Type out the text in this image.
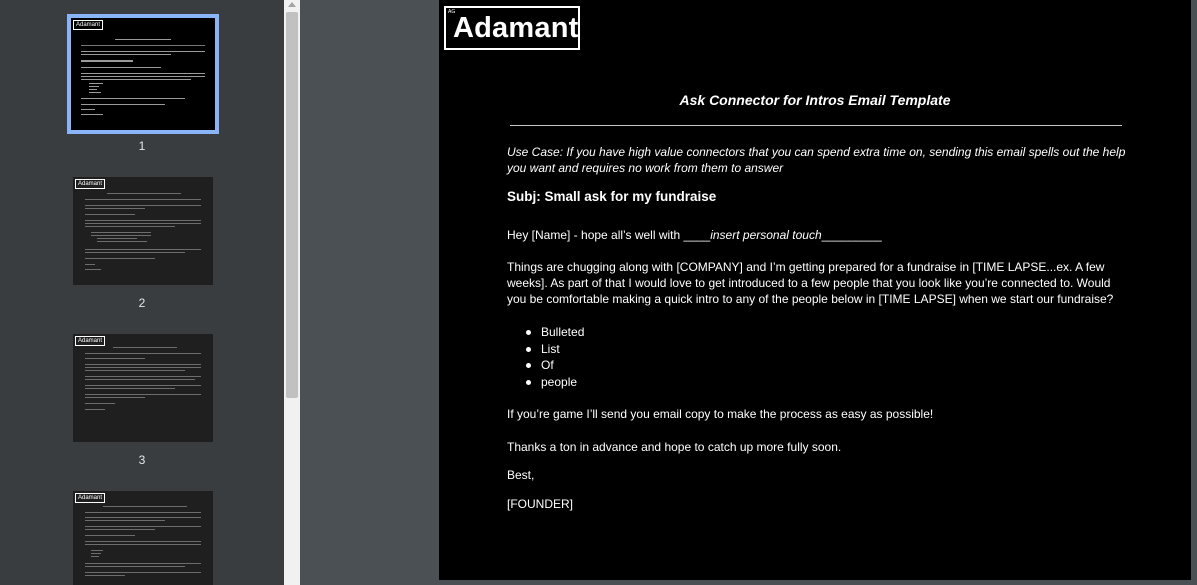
Adamant
1
Adamant
2
Adamant
3
Adamant
AG
Adamant
Ask Connector for Intros Email Template
Use Case: If you have high value connectors that you can spend extra time on, sending this email spells out the help you want and requires no work from them to answer
Subj: Small ask for my fundraise
Hey [Name] - hope all’s well with ____insert personal touch_________
Things are chugging along with [COMPANY] and I’m getting prepared for a fundraise in [TIME LAPSE...ex. A few weeks]. As part of that I would love to get introduced to a few people that you look like you’re connected to. Would you be comfortable making a quick intro to any of the people below in [TIME LAPSE] when we start our fundraise?
Bulleted
List
Of
people
If you’re game I’ll send you email copy to make the process as easy as possible!
Thanks a ton in advance and hope to catch up more fully soon.
Best,
[FOUNDER]
